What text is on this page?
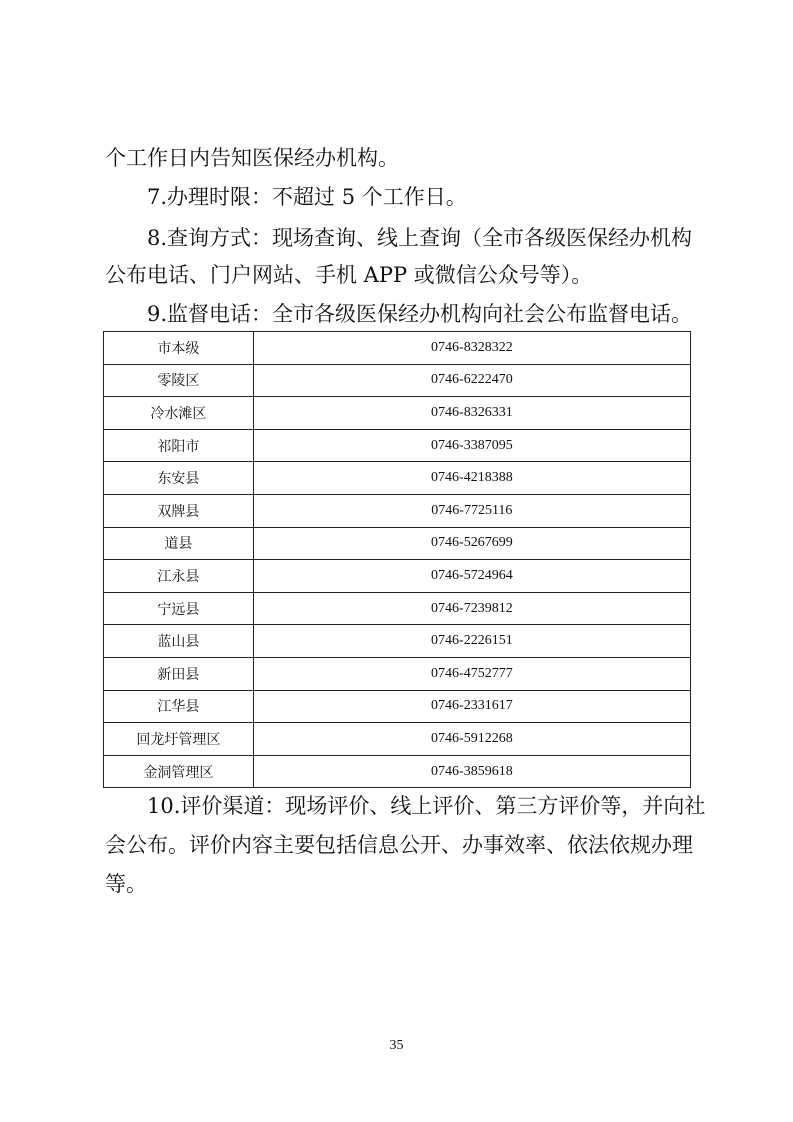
个工作日内告知医保经办机构。

7.办理时限：不超过 5 个工作日。

8.查询方式：现场查询、线上查询（全市各级医保经办机构

公布电话、门户网站、手机 APP 或微信公众号等）。

9.监督电话：全市各级医保经办机构向社会公布监督电话。

市本级	0746-8328322
零陵区	0746-6222470
冷水滩区	0746-8326331
祁阳市	0746-3387095
东安县	0746-4218388
双牌县	0746-7725116
道县	0746-5267699
江永县	0746-5724964
宁远县	0746-7239812
蓝山县	0746-2226151
新田县	0746-4752777
江华县	0746-2331617
回龙圩管理区	0746-5912268
金洞管理区	0746-3859618

10.评价渠道：现场评价、线上评价、第三方评价等，并向社

会公布。评价内容主要包括信息公开、办事效率、依法依规办理

等。

35
